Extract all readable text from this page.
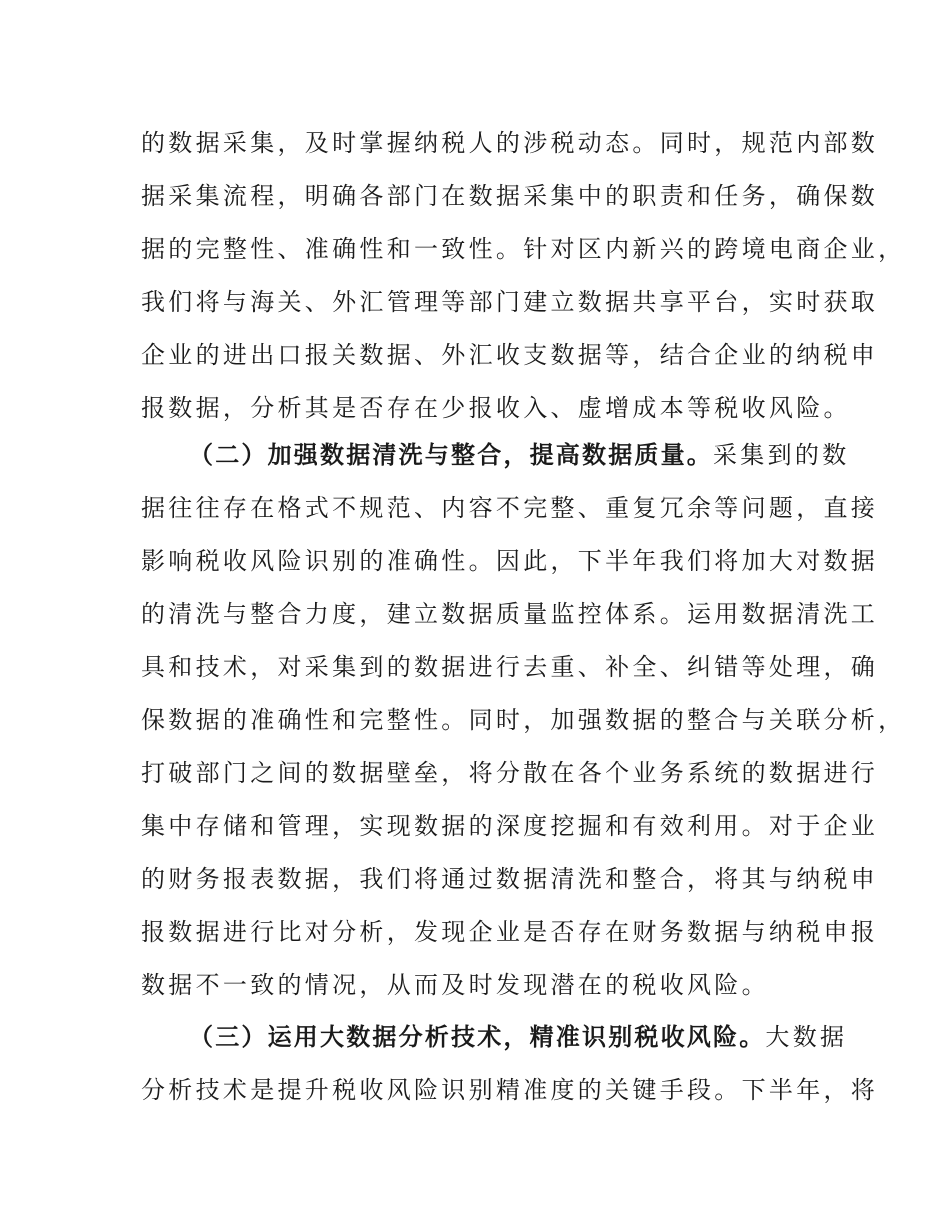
的数据采集，及时掌握纳税人的涉税动态。同时，规范内部数
据采集流程，明确各部门在数据采集中的职责和任务，确保数
据的完整性、准确性和一致性。针对区内新兴的跨境电商企业，
我们将与海关、外汇管理等部门建立数据共享平台，实时获取
企业的进出口报关数据、外汇收支数据等，结合企业的纳税申
报数据，分析其是否存在少报收入、虚增成本等税收风险。
（二）加强数据清洗与整合，提高数据质量。采集到的数
据往往存在格式不规范、内容不完整、重复冗余等问题，直接
影响税收风险识别的准确性。因此，下半年我们将加大对数据
的清洗与整合力度，建立数据质量监控体系。运用数据清洗工
具和技术，对采集到的数据进行去重、补全、纠错等处理，确
保数据的准确性和完整性。同时，加强数据的整合与关联分析，
打破部门之间的数据壁垒，将分散在各个业务系统的数据进行
集中存储和管理，实现数据的深度挖掘和有效利用。对于企业
的财务报表数据，我们将通过数据清洗和整合，将其与纳税申
报数据进行比对分析，发现企业是否存在财务数据与纳税申报
数据不一致的情况，从而及时发现潜在的税收风险。
（三）运用大数据分析技术，精准识别税收风险。大数据
分析技术是提升税收风险识别精准度的关键手段。下半年，将
